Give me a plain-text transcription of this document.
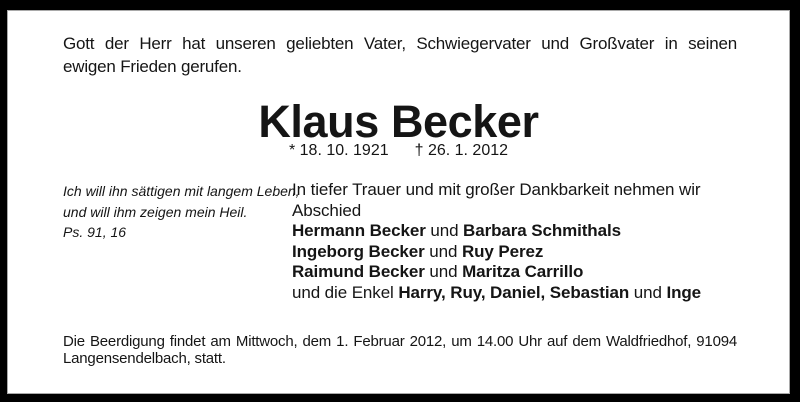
Gott der Herr hat unseren geliebten Vater, Schwiegervater und Großvater in seinen
ewigen Frieden gerufen.
Klaus Becker
* 18. 10. 1921 † 26. 1. 2012
Ich will ihn sättigen mit langem Leben,
und will ihm zeigen mein Heil.
Ps. 91, 16
In tiefer Trauer und mit großer Dankbarkeit nehmen wir
Abschied
Hermann Becker und Barbara Schmithals
Ingeborg Becker und Ruy Perez
Raimund Becker und Maritza Carrillo
und die Enkel Harry, Ruy, Daniel, Sebastian und Inge
Die Beerdigung findet am Mittwoch, dem 1. Februar 2012, um 14.00 Uhr auf dem Waldfriedhof, 91094
Langensendelbach, statt.
